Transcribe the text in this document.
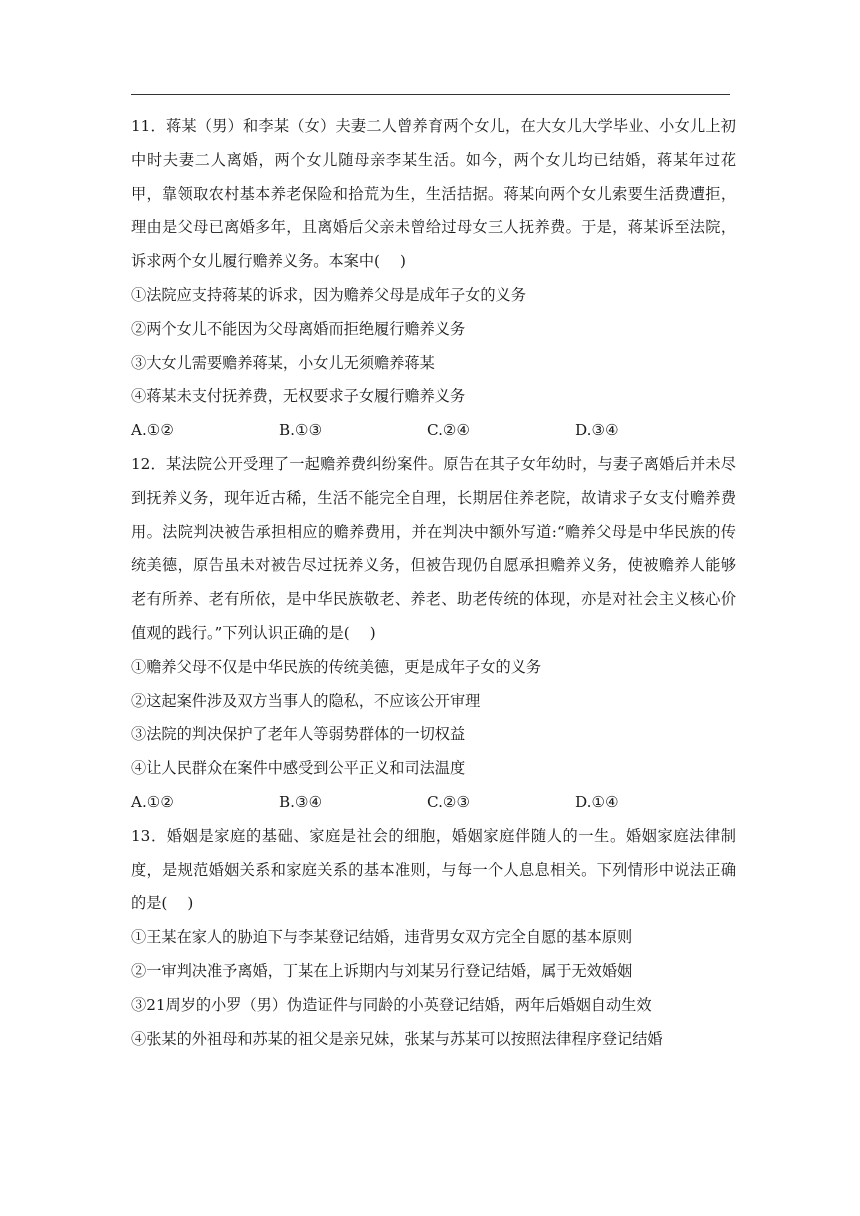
11．蒋某（男）和李某（女）夫妻二人曾养育两个女儿，在大女儿大学毕业、小女儿上初中时夫妻二人离婚，两个女儿随母亲李某生活。如今，两个女儿均已结婚，蒋某年过花甲，靠领取农村基本养老保险和拾荒为生，生活拮据。蒋某向两个女儿索要生活费遭拒，理由是父母已离婚多年，且离婚后父亲未曾给过母女三人抚养费。于是，蒋某诉至法院，诉求两个女儿履行赡养义务。本案中(　 )

①法院应支持蒋某的诉求，因为赡养父母是成年子女的义务

②两个女儿不能因为父母离婚而拒绝履行赡养义务

③大女儿需要赡养蒋某，小女儿无须赡养蒋某

④蒋某未支付抚养费，无权要求子女履行赡养义务

A.①②	B.①③	C.②④	D.③④

12．某法院公开受理了一起赡养费纠纷案件。原告在其子女年幼时，与妻子离婚后并未尽到抚养义务，现年近古稀，生活不能完全自理，长期居住养老院，故请求子女支付赡养费用。法院判决被告承担相应的赡养费用，并在判决中额外写道:“赡养父母是中华民族的传统美德，原告虽未对被告尽过抚养义务，但被告现仍自愿承担赡养义务，使被赡养人能够老有所养、老有所依，是中华民族敬老、养老、助老传统的体现，亦是对社会主义核心价值观的践行。”下列认识正确的是(　 )

①赡养父母不仅是中华民族的传统美德，更是成年子女的义务

②这起案件涉及双方当事人的隐私，不应该公开审理

③法院的判决保护了老年人等弱势群体的一切权益

④让人民群众在案件中感受到公平正义和司法温度

A.①②	B.③④	C.②③	D.①④

13．婚姻是家庭的基础、家庭是社会的细胞，婚姻家庭伴随人的一生。婚姻家庭法律制度，是规范婚姻关系和家庭关系的基本准则，与每一个人息息相关。下列情形中说法正确的是(　 )

①王某在家人的胁迫下与李某登记结婚，违背男女双方完全自愿的基本原则

②一审判决准予离婚，丁某在上诉期内与刘某另行登记结婚，属于无效婚姻

③21周岁的小罗（男）伪造证件与同龄的小英登记结婚，两年后婚姻自动生效

④张某的外祖母和苏某的祖父是亲兄妹，张某与苏某可以按照法律程序登记结婚
